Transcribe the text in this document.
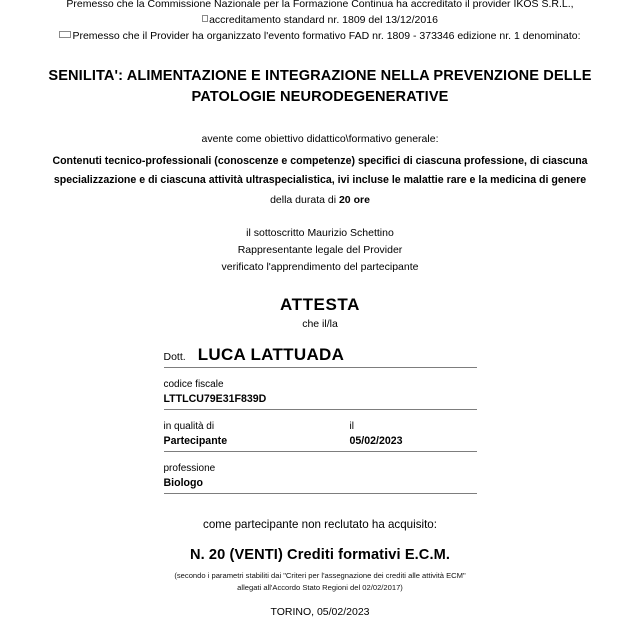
Premesso che la Commissione Nazionale per la Formazione Continua ha accreditato il provider IKOS S.R.L.,
accreditamento standard nr. 1809 del 13/12/2016
Premesso che il Provider ha organizzato l'evento formativo FAD nr. 1809 - 373346 edizione nr. 1 denominato:
SENILITA': ALIMENTAZIONE E INTEGRAZIONE NELLA PREVENZIONE DELLE
PATOLOGIE NEURODEGENERATIVE
avente come obiettivo didattico\formativo generale:
Contenuti tecnico-professionali (conoscenze e competenze) specifici di ciascuna professione, di ciascuna
specializzazione e di ciascuna attività ultraspecialistica, ivi incluse le malattie rare e la medicina di genere
della durata di 20 ore
il sottoscritto Maurizio Schettino
Rappresentante legale del Provider
verificato l'apprendimento del partecipante
ATTESTA
che il/la
Dott. LUCA LATTUADA
codice fiscale
LTTLCU79E31F839D
in qualità di
Partecipante
il
05/02/2023
professione
Biologo
come partecipante non reclutato ha acquisito:
N. 20 (VENTI) Crediti formativi E.C.M.
(secondo i parametri stabiliti dai "Criteri per l'assegnazione dei crediti alle attività ECM"
allegati all'Accordo Stato Regioni del 02/02/2017)
TORINO, 05/02/2023
